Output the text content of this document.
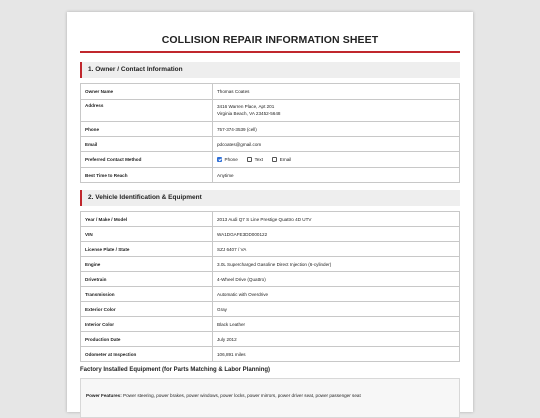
COLLISION REPAIR INFORMATION SHEET
1. Owner / Contact Information
Owner Name	Thomas Coates
Address	3416 Warren Place, Apt 201
Virginia Beach, VA 23452-5648

Phone	757-374-3539 (cell)
Email	pdcoates@gmail.com
Preferred Contact Method	Phone Text Email
Best Time to Reach	Anytime
2. Vehicle Identification & Equipment
Year / Make / Model	2013 Audi Q7 S Line Prestige Quattro 4D UTV
VIN	WA1DGAFE3DD000122
License Plate / State	SZJ 6407 / VA
Engine	3.0L Supercharged Gasoline Direct Injection (6-cylinder)
Drivetrain	4-Wheel Drive (Quattro)
Transmission	Automatic with Overdrive
Exterior Color	Gray
Interior Color	Black Leather
Production Date	July 2012
Odometer at Inspection	106,891 miles
Factory Installed Equipment (for Parts Matching & Labor Planning)
Power Features: Power steering, power brakes, power windows, power locks, power mirrors, power driver seat, power passenger seat
